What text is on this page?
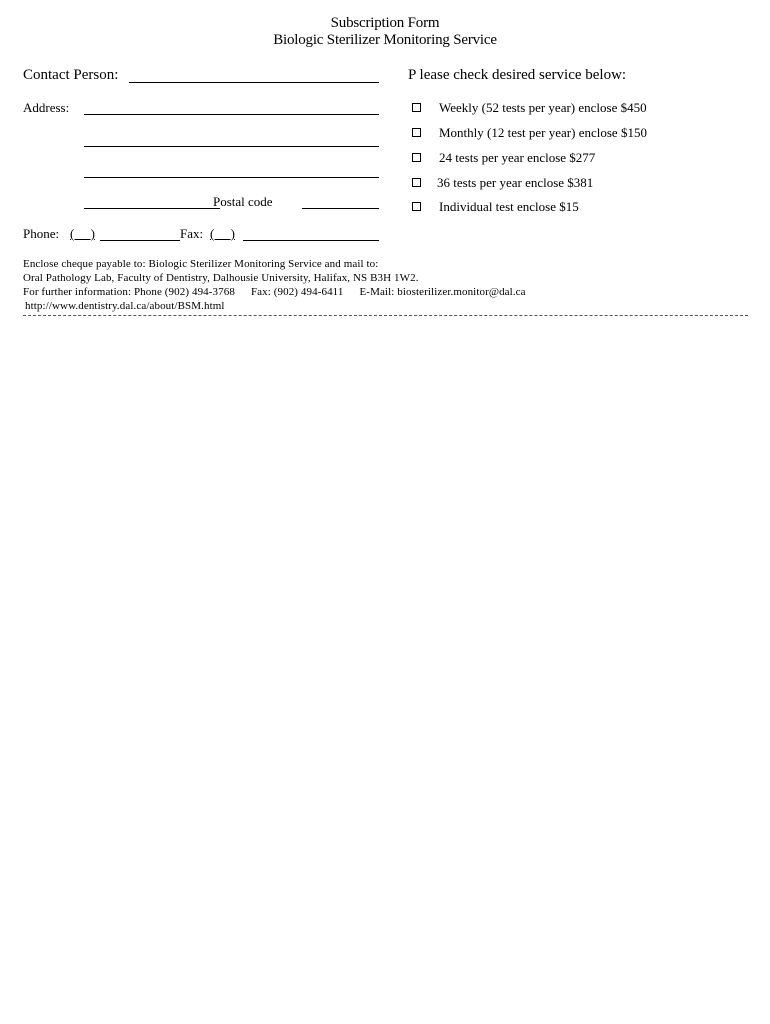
Subscription Form
Biologic Sterilizer Monitoring Service
Contact Person:
Address:
Postal code
Phone: (     )	Fax: (     )
P lease check desired service below:
Weekly (52 tests per year) enclose $450
Monthly (12 test per year) enclose $150
24 tests per year enclose $277
36 tests per year enclose $381
Individual test enclose $15
Enclose cheque payable to: Biologic Sterilizer Monitoring Service and mail to:
Oral Pathology Lab, Faculty of Dentistry, Dalhousie University, Halifax, NS B3H 1W2.
For further information: Phone (902) 494-3768 Fax: (902) 494-6411 E-Mail: biosterilizer.monitor@dal.ca
http://www.dentistry.dal.ca/about/BSM.html
